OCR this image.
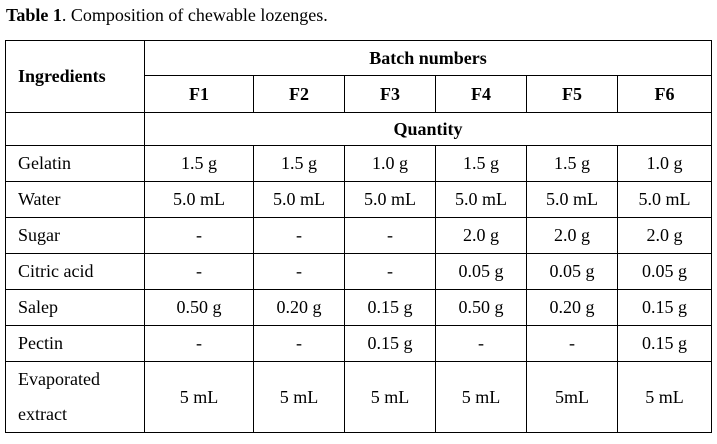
Table 1. Composition of chewable lozenges.
Ingredients	Batch numbers					
	F1	F2	F3	F4	F5	F6
	Quantity					
Gelatin	1.5 g	1.5 g	1.0 g	1.5 g	1.5 g	1.0 g
Water	5.0 mL	5.0 mL	5.0 mL	5.0 mL	5.0 mL	5.0 mL
Sugar	-	-	-	2.0 g	2.0 g	2.0 g
Citric acid	-	-	-	0.05 g	0.05 g	0.05 g
Salep	0.50 g	0.20 g	0.15 g	0.50 g	0.20 g	0.15 g
Pectin	-	-	0.15 g	-	-	0.15 g

Evaporated
extract	5 mL	5 mL	5 mL	5 mL	5mL	5 mL
